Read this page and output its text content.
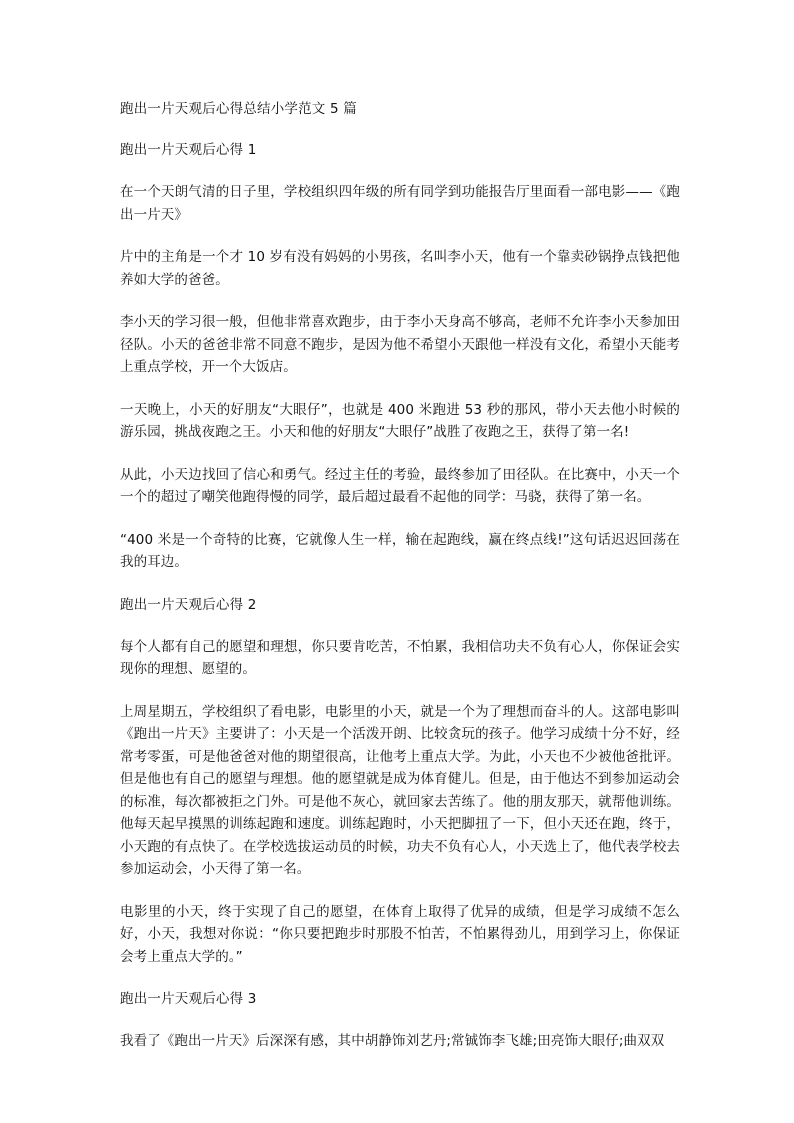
跑出一片天观后心得总结小学范文 5 篇
跑出一片天观后心得 1

在一个天朗气清的日子里，学校组织四年级的所有同学到功能报告厅里面看一部电影——《跑出一片天》

片中的主角是一个才 10 岁有没有妈妈的小男孩，名叫李小天，他有一个靠卖砂锅挣点钱把他养如大学的爸爸。

李小天的学习很一般，但他非常喜欢跑步，由于李小天身高不够高，老师不允许李小天参加田径队。小天的爸爸非常不同意不跑步，是因为他不希望小天跟他一样没有文化，希望小天能考上重点学校，开一个大饭店。

一天晚上，小天的好朋友“大眼仔”，也就是 400 米跑进 53 秒的那风，带小天去他小时候的游乐园，挑战夜跑之王。小天和他的好朋友“大眼仔”战胜了夜跑之王，获得了第一名!

从此，小天边找回了信心和勇气。经过主任的考验，最终参加了田径队。在比赛中，小天一个一个的超过了嘲笑他跑得慢的同学，最后超过最看不起他的同学：马骁，获得了第一名。

“400 米是一个奇特的比赛，它就像人生一样，输在起跑线，赢在终点线!”这句话迟迟回荡在我的耳边。

跑出一片天观后心得 2

每个人都有自己的愿望和理想，你只要肯吃苦，不怕累，我相信功夫不负有心人，你保证会实现你的理想、愿望的。

上周星期五，学校组织了看电影，电影里的小天，就是一个为了理想而奋斗的人。这部电影叫《跑出一片天》主要讲了：小天是一个活泼开朗、比较贪玩的孩子。他学习成绩十分不好，经常考零蛋，可是他爸爸对他的期望很高，让他考上重点大学。为此，小天也不少被他爸批评。但是他也有自己的愿望与理想。他的愿望就是成为体育健儿。但是，由于他达不到参加运动会的标准，每次都被拒之门外。可是他不灰心，就回家去苦练了。他的朋友那天，就帮他训练。他每天起早摸黑的训练起跑和速度。训练起跑时，小天把脚扭了一下，但小天还在跑，终于，小天跑的有点快了。在学校选拔运动员的时候，功夫不负有心人，小天选上了，他代表学校去参加运动会，小天得了第一名。

电影里的小天，终于实现了自己的愿望，在体育上取得了优异的成绩，但是学习成绩不怎么好，小天，我想对你说：“你只要把跑步时那股不怕苦，不怕累得劲儿，用到学习上，你保证会考上重点大学的。”

跑出一片天观后心得 3

我看了《跑出一片天》后深深有感，其中胡静饰刘艺丹;常铖饰李飞雄;田亮饰大眼仔;曲双双
